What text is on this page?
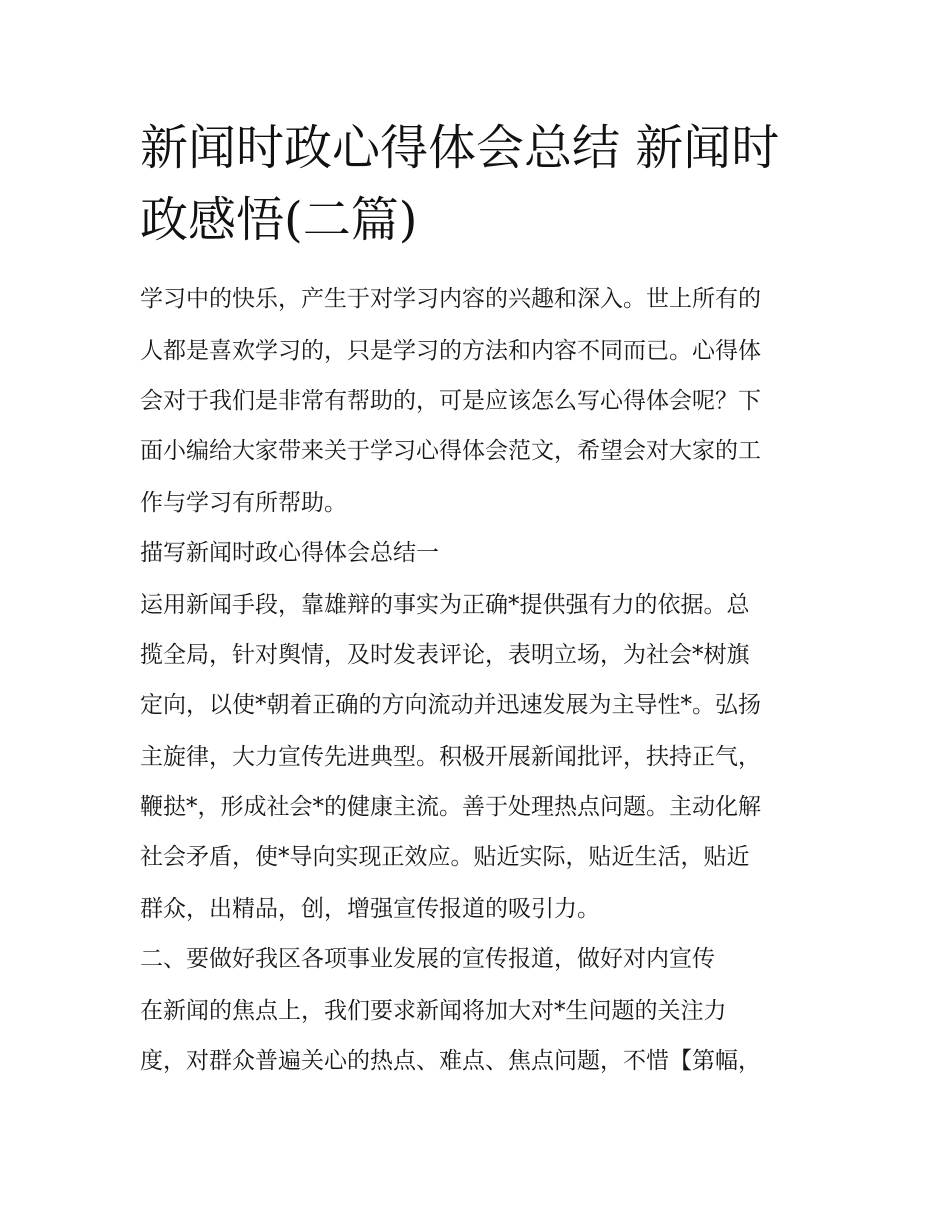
新闻时政心得体会总结 新闻时
政感悟(二篇)

学习中的快乐，产生于对学习内容的兴趣和深入。世上所有的

人都是喜欢学习的，只是学习的方法和内容不同而已。心得体

会对于我们是非常有帮助的，可是应该怎么写心得体会呢？下

面小编给大家带来关于学习心得体会范文，希望会对大家的工

作与学习有所帮助。

描写新闻时政心得体会总结一

运用新闻手段，靠雄辩的事实为正确*提供强有力的依据。总

揽全局，针对舆情，及时发表评论，表明立场，为社会*树旗

定向，以使*朝着正确的方向流动并迅速发展为主导性*。弘扬

主旋律，大力宣传先进典型。积极开展新闻批评，扶持正气，

鞭挞*，形成社会*的健康主流。善于处理热点问题。主动化解

社会矛盾，使*导向实现正效应。贴近实际，贴近生活，贴近

群众，出精品，创，增强宣传报道的吸引力。

二、要做好我区各项事业发展的宣传报道，做好对内宣传

在新闻的焦点上，我们要求新闻将加大对*生问题的关注力

度，对群众普遍关心的热点、难点、焦点问题，不惜【第幅，
